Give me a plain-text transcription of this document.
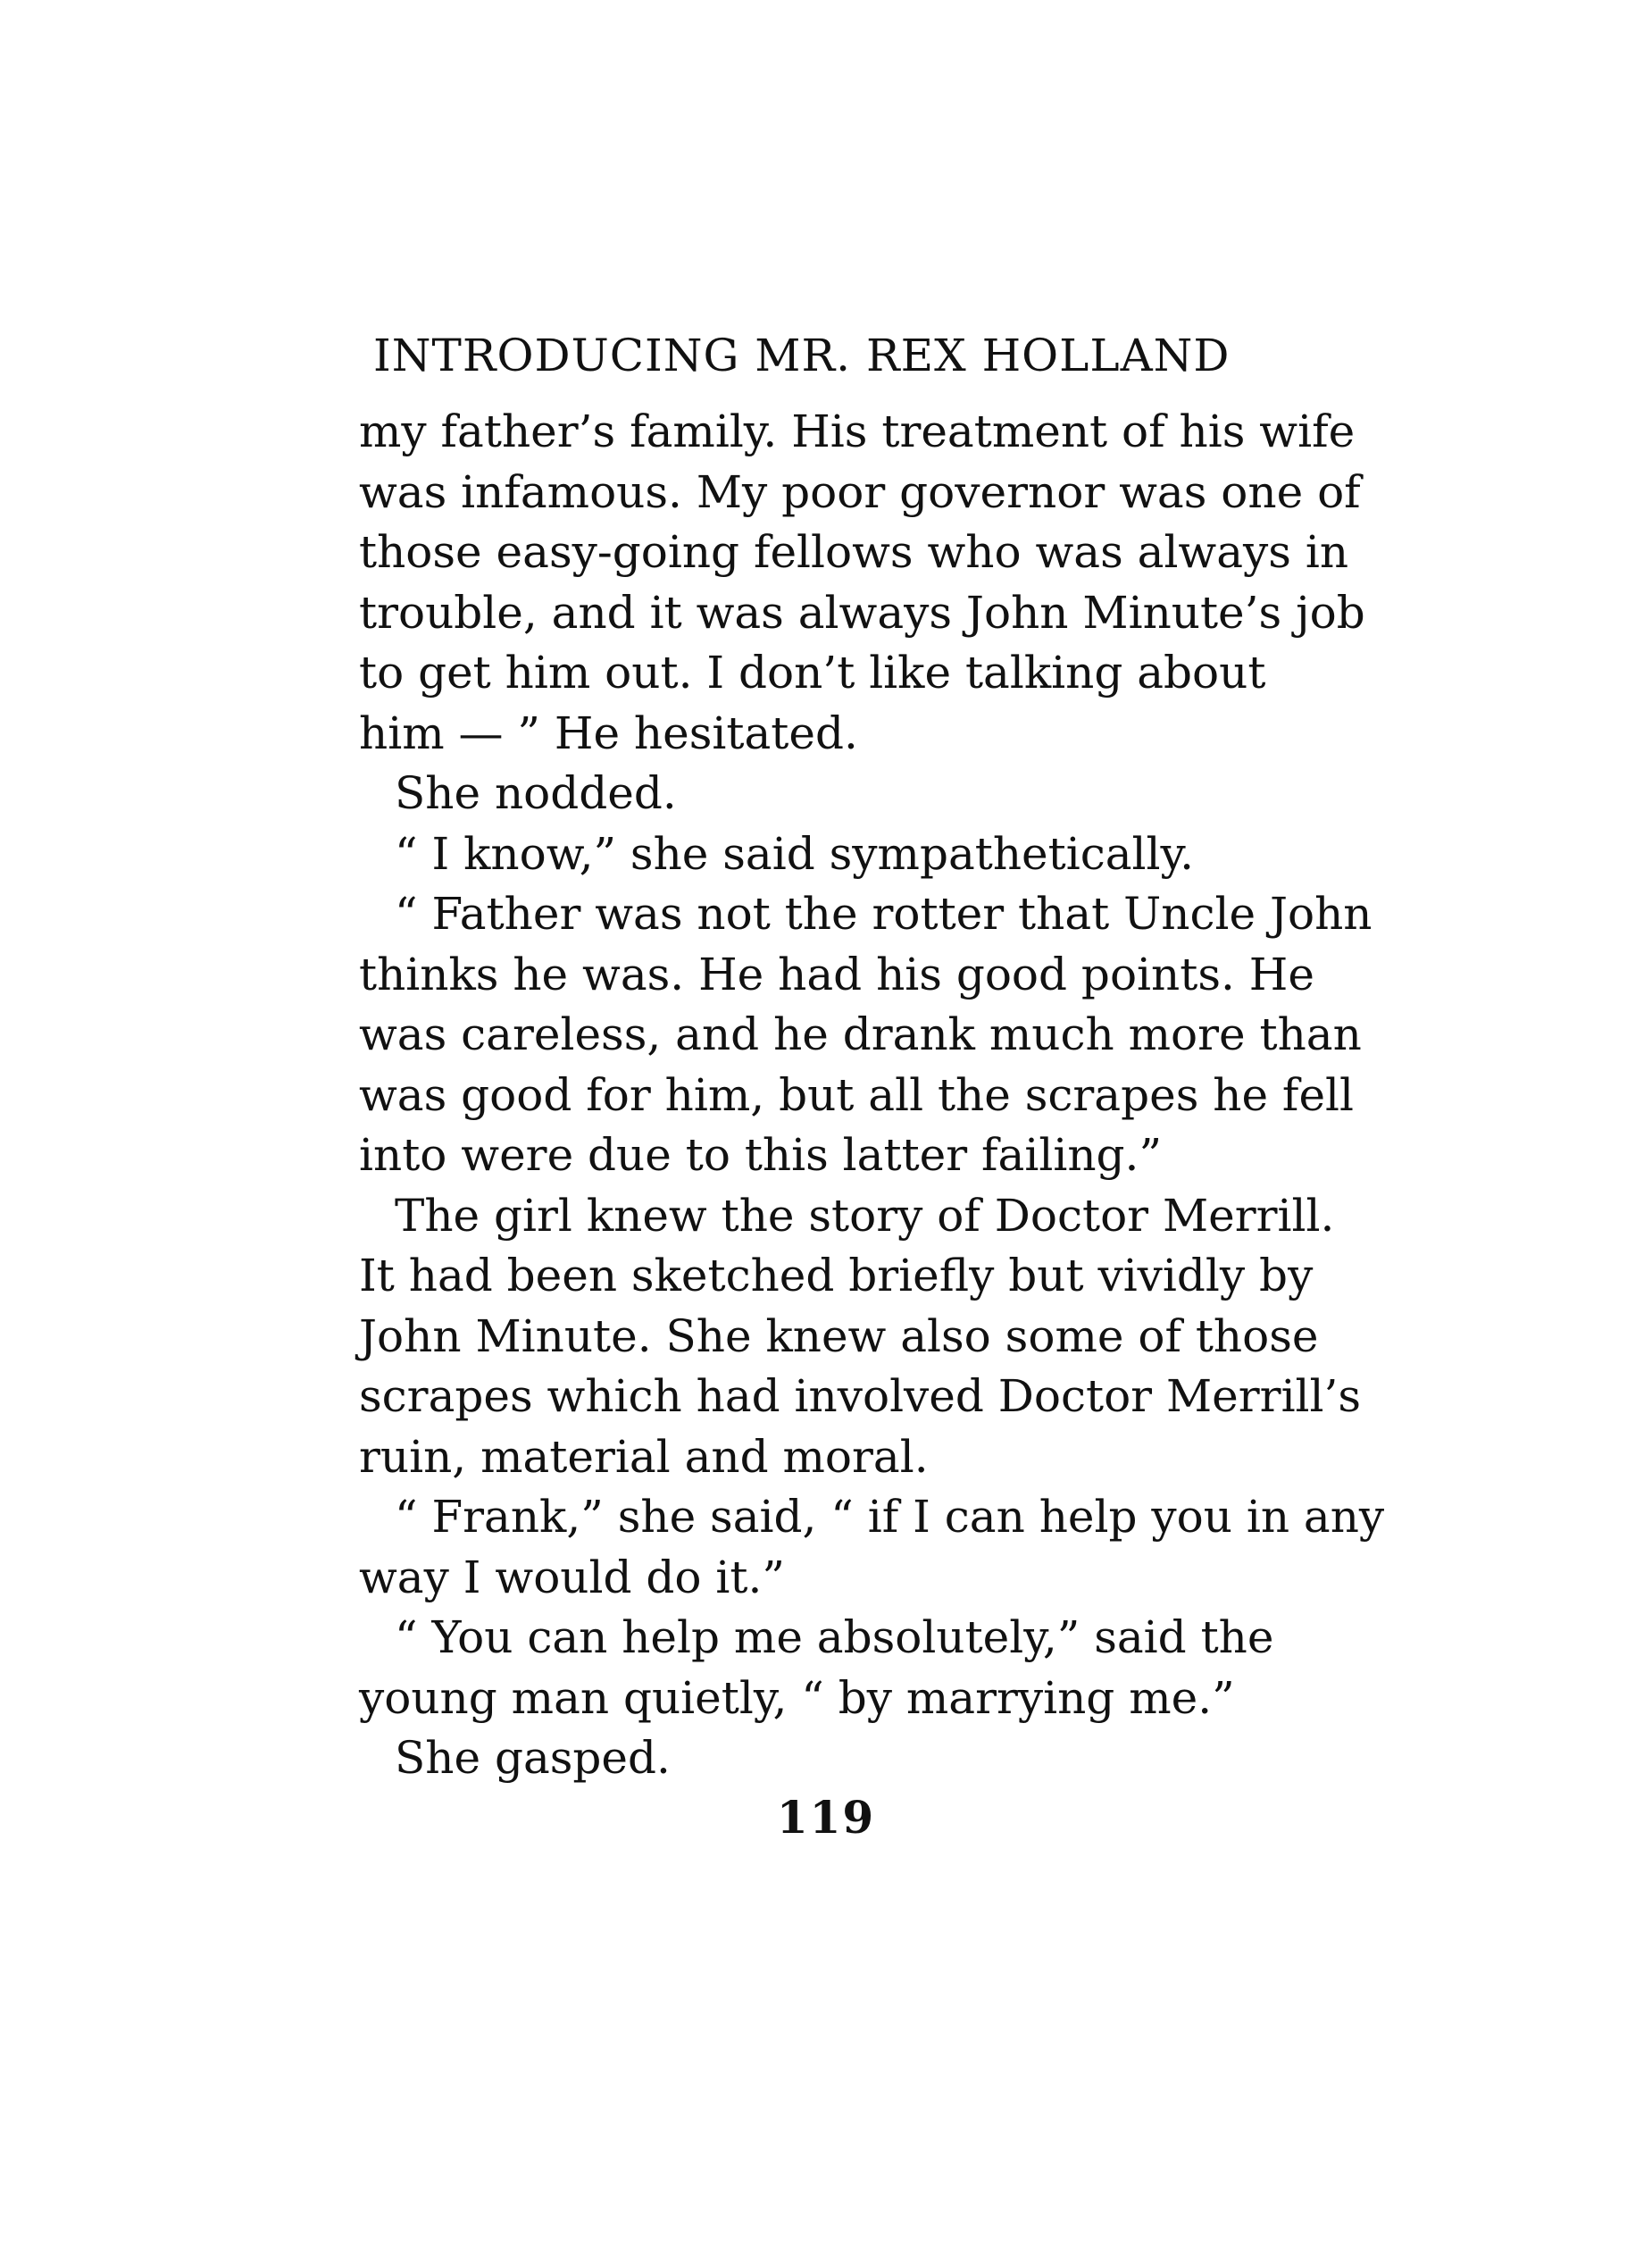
INTRODUCING MR. REX HOLLAND
my father’s family. His treatment of his wife
was infamous. My poor governor was one of
those easy-going fellows who was always in
trouble, and it was always John Minute’s job
to get him out. I don’t like talking about
him — ” He hesitated.
She nodded.
“ I know,” she said sympathetically.
“ Father was not the rotter that Uncle John
thinks he was. He had his good points. He
was careless, and he drank much more than
was good for him, but all the scrapes he fell
into were due to this latter failing.”
The girl knew the story of Doctor Merrill.
It had been sketched briefly but vividly by
John Minute. She knew also some of those
scrapes which had involved Doctor Merrill’s
ruin, material and moral.
“ Frank,” she said, “ if I can help you in any
way I would do it.”
“ You can help me absolutely,” said the
young man quietly, “ by marrying me.”
She gasped.
119
